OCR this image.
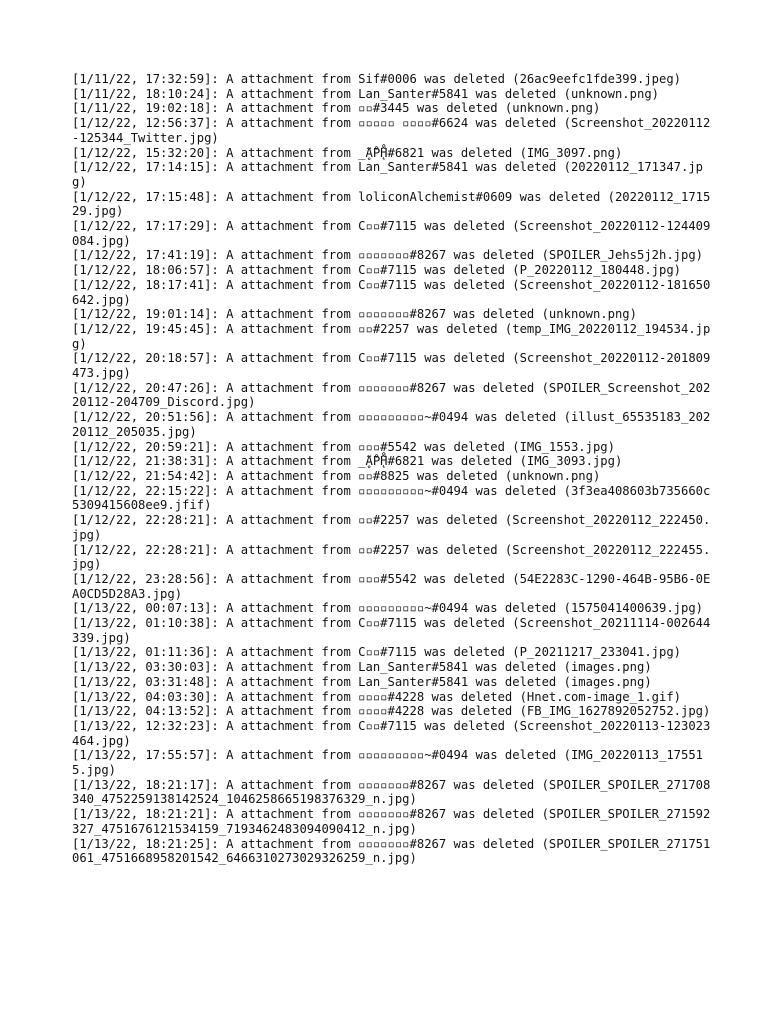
[1/11/22, 17:32:59]: A attachment from Sif#0006 was deleted (26ac9eefc1fde399.jpeg)
[1/11/22, 18:10:24]: A attachment from Lan_Santer#5841 was deleted (unknown.png)
[1/11/22, 19:02:18]: A attachment from ▫▫#3445 was deleted (unknown.png)
[1/12/22, 12:56:37]: A attachment from ▫▫▫▫▫ ▫▫▫▫#6624 was deleted (Screenshot_20220112-125344_Twitter.jpg)
[1/12/22, 15:32:20]: A attachment from ̲̃Ḁ̊P̨̃H̊#6821 was deleted (IMG_3097.png)
[1/12/22, 17:14:15]: A attachment from Lan_Santer#5841 was deleted (20220112_171347.jpg)
[1/12/22, 17:15:48]: A attachment from loliconAlchemist#0609 was deleted (20220112_171529.jpg)
[1/12/22, 17:17:29]: A attachment from C▫▫#7115 was deleted (Screenshot_20220112-124409084.jpg)
[1/12/22, 17:41:19]: A attachment from ▫▫▫▫▫▫▫#8267 was deleted (SPOILER_Jehs5j2h.jpg)
[1/12/22, 18:06:57]: A attachment from C▫▫#7115 was deleted (P_20220112_180448.jpg)
[1/12/22, 18:17:41]: A attachment from C▫▫#7115 was deleted (Screenshot_20220112-181650642.jpg)
[1/12/22, 19:01:14]: A attachment from ▫▫▫▫▫▫▫#8267 was deleted (unknown.png)
[1/12/22, 19:45:45]: A attachment from ▫▫#2257 was deleted (temp_IMG_20220112_194534.jpg)
[1/12/22, 20:18:57]: A attachment from C▫▫#7115 was deleted (Screenshot_20220112-201809473.jpg)
[1/12/22, 20:47:26]: A attachment from ▫▫▫▫▫▫▫#8267 was deleted (SPOILER_Screenshot_20220112-204709_Discord.jpg)
[1/12/22, 20:51:56]: A attachment from ▫▫▫▫▫▫▫▫▫~#0494 was deleted (illust_65535183_20220112_205035.jpg)
[1/12/22, 20:59:21]: A attachment from ▫▫▫#5542 was deleted (IMG_1553.jpg)
[1/12/22, 21:38:31]: A attachment from ̲̃Ḁ̊P̨̃H̊#6821 was deleted (IMG_3093.jpg)
[1/12/22, 21:54:42]: A attachment from ▫▫#8825 was deleted (unknown.png)
[1/12/22, 22:15:22]: A attachment from ▫▫▫▫▫▫▫▫▫~#0494 was deleted (3f3ea408603b735660c5309415608ee9.jfif)
[1/12/22, 22:28:21]: A attachment from ▫▫#2257 was deleted (Screenshot_20220112_222450.jpg)
[1/12/22, 22:28:21]: A attachment from ▫▫#2257 was deleted (Screenshot_20220112_222455.jpg)
[1/12/22, 23:28:56]: A attachment from ▫▫▫#5542 was deleted (54E2283C-1290-464B-95B6-0EA0CD5D28A3.jpg)
[1/13/22, 00:07:13]: A attachment from ▫▫▫▫▫▫▫▫▫~#0494 was deleted (1575041400639.jpg)
[1/13/22, 01:10:38]: A attachment from C▫▫#7115 was deleted (Screenshot_20211114-002644339.jpg)
[1/13/22, 01:11:36]: A attachment from C▫▫#7115 was deleted (P_20211217_233041.jpg)
[1/13/22, 03:30:03]: A attachment from Lan_Santer#5841 was deleted (images.png)
[1/13/22, 03:31:48]: A attachment from Lan_Santer#5841 was deleted (images.png)
[1/13/22, 04:03:30]: A attachment from ▫▫▫▫#4228 was deleted (Hnet.com-image_1.gif)
[1/13/22, 04:13:52]: A attachment from ▫▫▫▫#4228 was deleted (FB_IMG_1627892052752.jpg)
[1/13/22, 12:32:23]: A attachment from C▫▫#7115 was deleted (Screenshot_20220113-123023464.jpg)
[1/13/22, 17:55:57]: A attachment from ▫▫▫▫▫▫▫▫▫~#0494 was deleted (IMG_20220113_175515.jpg)
[1/13/22, 18:21:17]: A attachment from ▫▫▫▫▫▫▫#8267 was deleted (SPOILER_SPOILER_271708340_4752259138142524_1046258665198376329_n.jpg)
[1/13/22, 18:21:21]: A attachment from ▫▫▫▫▫▫▫#8267 was deleted (SPOILER_SPOILER_271592327_4751676121534159_7193462483094090412_n.jpg)
[1/13/22, 18:21:25]: A attachment from ▫▫▫▫▫▫▫#8267 was deleted (SPOILER_SPOILER_271751061_4751668958201542_6466310273029326259_n.jpg)
